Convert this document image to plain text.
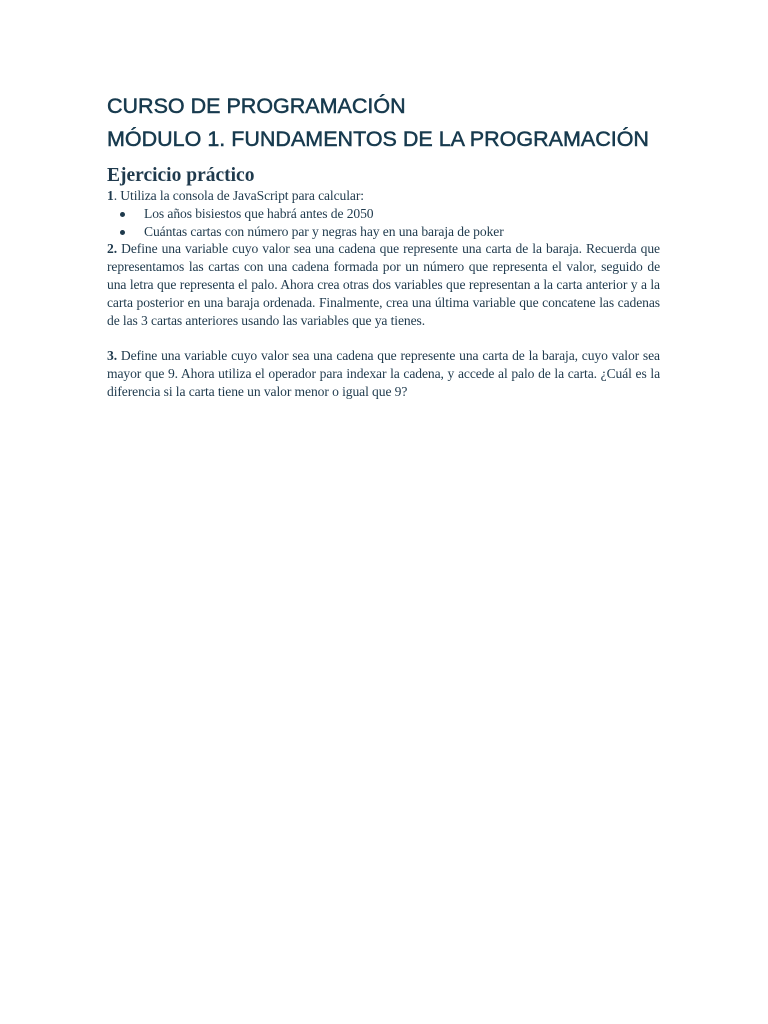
CURSO DE PROGRAMACIÓN
MÓDULO 1. FUNDAMENTOS DE LA PROGRAMACIÓN
Ejercicio práctico

1. Utiliza la consola de JavaScript para calcular:

Los años bisiestos que habrá antes de 2050
Cuántas cartas con número par y negras hay en una baraja de poker

2. Define una variable cuyo valor sea una cadena que represente una carta de la baraja. Recuerda que representamos las cartas con una cadena formada por un número que representa el valor, seguido de una letra que representa el palo. Ahora crea otras dos variables que representan a la carta anterior y a la carta posterior en una baraja ordenada. Finalmente, crea una última variable que concatene las cadenas de las 3 cartas anteriores usando las variables que ya tienes.

3. Define una variable cuyo valor sea una cadena que represente una carta de la baraja, cuyo valor sea mayor que 9. Ahora utiliza el operador para indexar la cadena, y accede al palo de la carta. ¿Cuál es la diferencia si la carta tiene un valor menor o igual que 9?
